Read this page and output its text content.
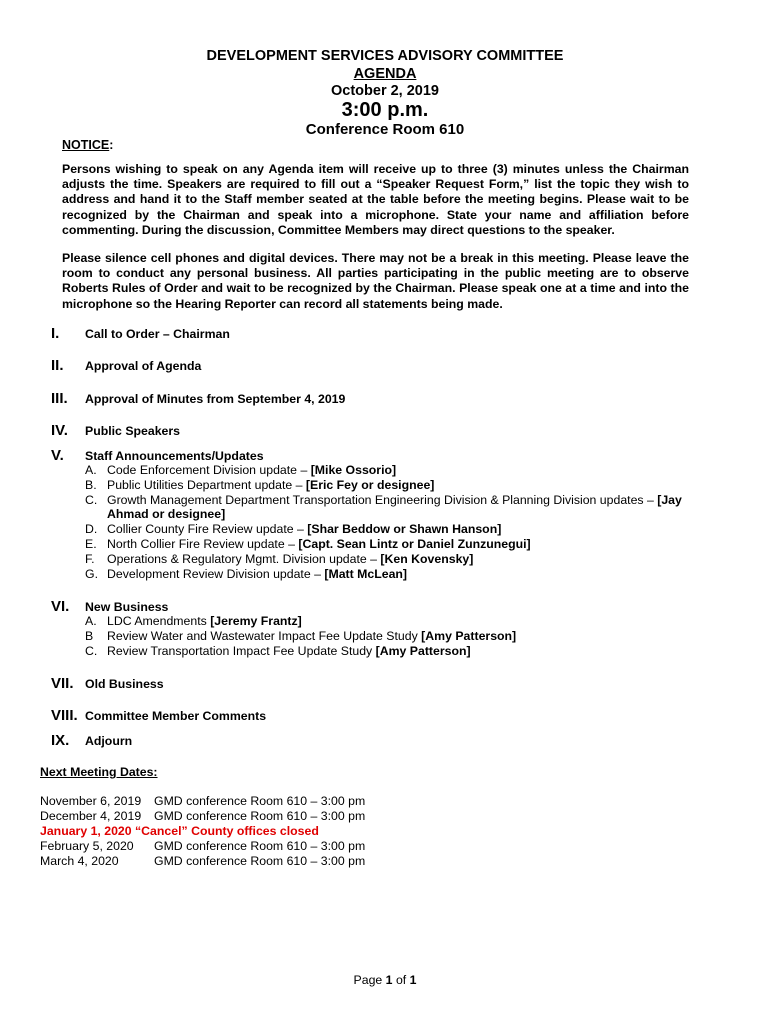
DEVELOPMENT SERVICES ADVISORY COMMITTEE
AGENDA
October 2, 2019
3:00 p.m.
Conference Room 610
NOTICE:
Persons wishing to speak on any Agenda item will receive up to three (3) minutes unless the Chairman adjusts the time. Speakers are required to fill out a “Speaker Request Form,” list the topic they wish to address and hand it to the Staff member seated at the table before the meeting begins. Please wait to be recognized by the Chairman and speak into a microphone. State your name and affiliation before commenting. During the discussion, Committee Members may direct questions to the speaker.
Please silence cell phones and digital devices. There may not be a break in this meeting. Please leave the room to conduct any personal business. All parties participating in the public meeting are to observe Roberts Rules of Order and wait to be recognized by the Chairman. Please speak one at a time and into the microphone so the Hearing Reporter can record all statements being made.
I. Call to Order – Chairman
II. Approval of Agenda
III. Approval of Minutes from September 4, 2019
IV. Public Speakers
V. Staff Announcements/Updates
A. Code Enforcement Division update – [Mike Ossorio]
B. Public Utilities Department update – [Eric Fey or designee]
C. Growth Management Department Transportation Engineering Division & Planning Division updates – [Jay Ahmad or designee]
D. Collier County Fire Review update – [Shar Beddow or Shawn Hanson]
E. North Collier Fire Review update – [Capt. Sean Lintz or Daniel Zunzunegui]
F.	Operations & Regulatory Mgmt. Division update – [Ken Kovensky]
G. Development Review Division update – [Matt McLean]
VI. New Business
A. LDC Amendments [Jeremy Frantz]
B	Review Water and Wastewater Impact Fee Update Study [Amy Patterson]
C. Review Transportation Impact Fee Update Study [Amy Patterson]
VII. Old Business
VIII. Committee Member Comments
IX. Adjourn
Next Meeting Dates:
November 6, 2019	GMD conference Room 610 – 3:00 pm
December 4, 2019	GMD conference Room 610 – 3:00 pm
January 1, 2020 “Cancel” County offices closed
February 5, 2020	GMD conference Room 610 – 3:00 pm
March 4, 2020	GMD conference Room 610 – 3:00 pm
Page 1 of 1
